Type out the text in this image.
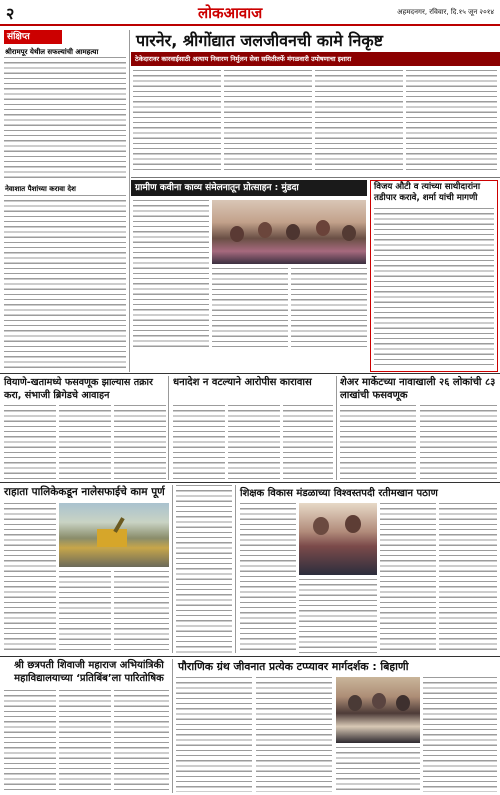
२	लोकआवाज	अहमदनगर, रविवार, दि.१५ जून २०१४
संक्षिप्त
श्रीरामपूर येथील सफल्यांची आमहत्या
नेवाशात पैशांच्या करावा देश
पारनेर, श्रीगोंद्यात जलजीवनची कामे निकृष्ट
ठेकेदारावर कारवाईसाठी अत्याय निवारण निर्मुलन सेवा समितीतर्फे मंगळवारी उपोषणाचा इशारा
ग्रामीण कवीना काव्य संमेलनातून प्रोत्साहन : मुंडदा	विजय औटी व त्यांच्या साथीदारांना तडीपार करावे, शर्मा यांची मागणी
वियाणे-खतामध्ये फसवणूक झाल्यास तक्रार करा, संभाजी ब्रिगेडचे आवाहन
धनादेश न वटल्याने आरोपीस कारावास	शेअर मार्केटच्या नावाखाली २६ लोकांची ८३ लाखांची फसवणूक
राहाता पालिकेकडून नालेसफाईचे काम पूर्ण	शिक्षक विकास मंडळाच्या विश्वस्तपदी रतीमखान पठाण
श्री छत्रपती शिवाजी महाराज अभियांत्रिकी महाविद्यालयाच्या ‘प्रतिबिंब’ला पारितोषिक
पौराणिक ग्रंथ जीवनात प्रत्येक टप्प्यावर मार्गदर्शक : बिहाणी
